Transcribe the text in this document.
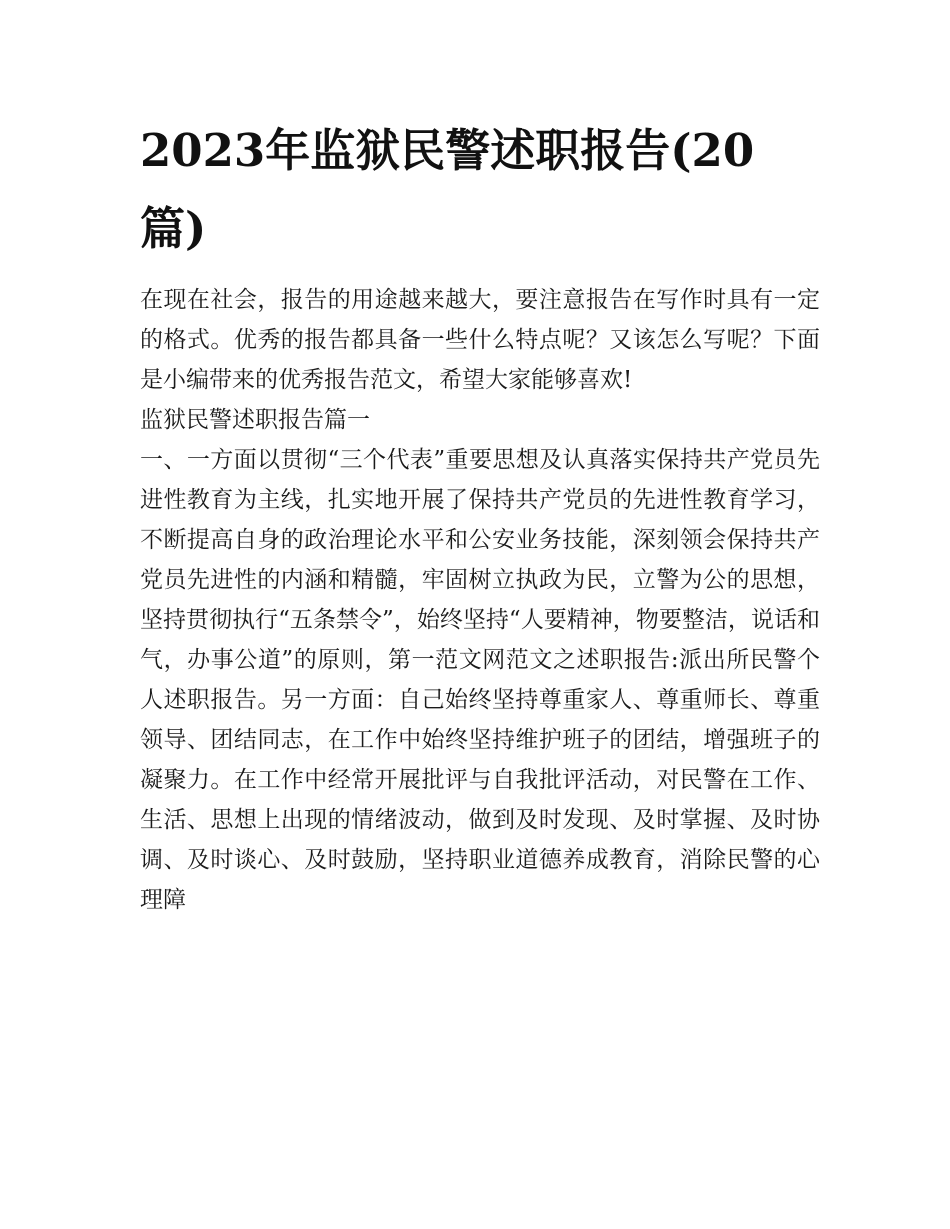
2023年监狱民警述职报告(20篇)

在现在社会，报告的用途越来越大，要注意报告在写作时具有一定的格式。优秀的报告都具备一些什么特点呢？又该怎么写呢？下面是小编带来的优秀报告范文，希望大家能够喜欢!

监狱民警述职报告篇一

一、一方面以贯彻“三个代表”重要思想及认真落实保持共产党员先进性教育为主线，扎实地开展了保持共产党员的先进性教育学习，不断提高自身的政治理论水平和公安业务技能，深刻领会保持共产党员先进性的内涵和精髓，牢固树立执政为民，立警为公的思想，坚持贯彻执行“五条禁令”，始终坚持“人要精神，物要整洁，说话和气，办事公道”的原则，第一范文网范文之述职报告:派出所民警个人述职报告。另一方面：自己始终坚持尊重家人、尊重师长、尊重领导、团结同志，在工作中始终坚持维护班子的团结，增强班子的凝聚力。在工作中经常开展批评与自我批评活动，对民警在工作、生活、思想上出现的情绪波动，做到及时发现、及时掌握、及时协调、及时谈心、及时鼓励，坚持职业道德养成教育，消除民警的心理障
